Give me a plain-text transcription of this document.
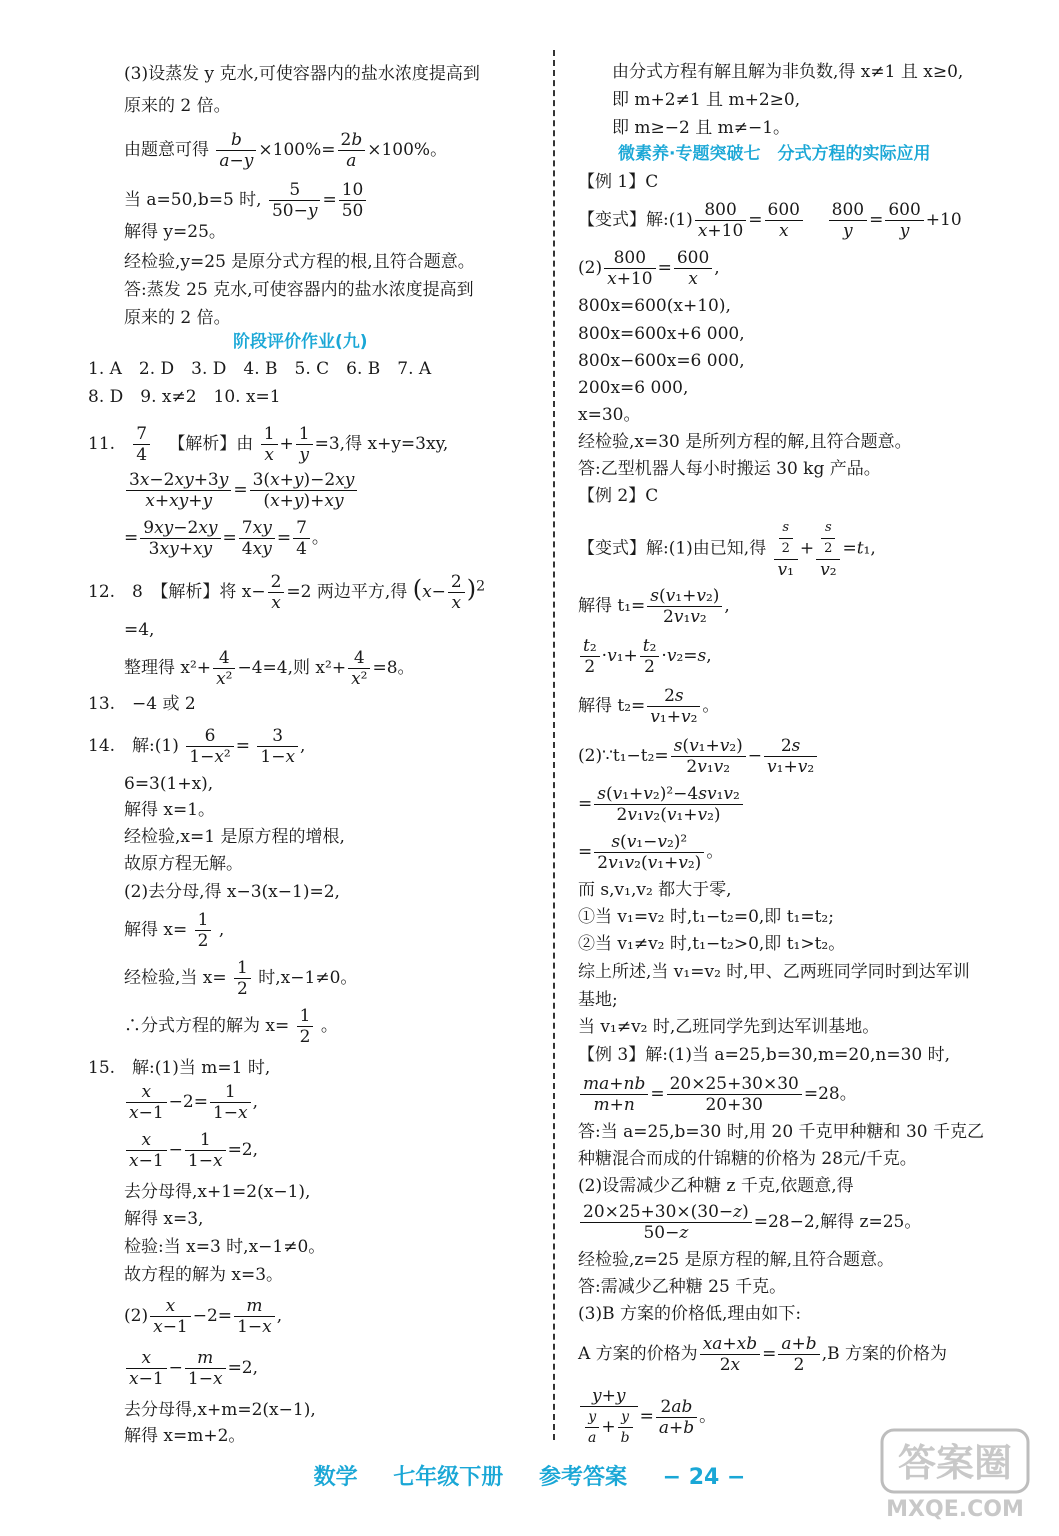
(3)设蒸发 y 克水,可使容器内的盐水浓度提高到
原来的 2 倍。
由题意可得 $\frac{b}{a-y} \times 100\%= \frac{2b}{a} \times 100\%$。
当 a=50,b=5 时, $\frac{5}{50-y} = \frac{10}{50}$
解得 y=25。
经检验,y=25 是原分式方程的根,且符合题意。
答:蒸发 25 克水,可使容器内的盐水浓度提高到
原来的 2 倍。
阶段评价作业(九)
1. A　2. D　3. D　4. B　5. C　6. B　7. A
8. D　9. x≠2　10. x=1
11. $\frac{7}{4}$ 【解析】由 $\frac{1}{x} + \frac{1}{y} =3$,得 x+y=3xy,
$\frac{3x-2xy+3y}{x+xy+y} = \frac{3(x+y)-2xy}{(x+y)+xy}$
= $\frac{9xy-2xy}{3xy+xy} = \frac{7xy}{4xy} = \frac{7}{4}$ 。
12.　8　【解析】将 $x- \frac{2}{x} =2$ 两边平方,得 $(x- \frac{2}{x} )^2$
=4,
整理得 $x^2+ \frac{4}{\text{x²}} -4=4$,则 $x^2+ \frac{4}{\text{x²}} =8$。
13.　−4 或 2
14.　解:(1) $\frac{6}{\text{1−x²}} = \frac{3}{1-x}$ ,
6=3(1+x),
解得 x=1。
经检验,x=1 是原方程的增根,
故原方程无解。
(2)去分母,得 x−3(x−1)=2,
解得 $x= \frac{1}{2}$ ,
经检验,当 $x= \frac{1}{2}$ 时,x−1≠0。
∴分式方程的解为 $x= \frac{1}{2}$ 。
15.　解:(1)当 m=1 时,
$\frac{x}{x-1} -2= \frac{1}{1-x}$ ,
$\frac{x}{x-1} - \frac{1}{1-x} =2$,
去分母得,x+1=2(x−1),
解得 x=3,
检验:当 x=3 时,x−1≠0。
故方程的解为 x=3。
$(2) \frac{x}{x-1} -2= \frac{m}{1-x}$ ,
$\frac{x}{x-1} - \frac{m}{1-x} =2$,
去分母得,x+m=2(x−1),
解得 x=m+2。
由分式方程有解且解为非负数,得 x≠1 且 x≥0,
即 m+2≠1 且 m+2≥0,
即 m≥−2 且 m≠−1。
微素养·专题突破七　分式方程的实际应用
【例 1】C
【变式】解:(1) $\frac{800}{x+10} = \frac{600}{x}$
$\frac{800}{y} = \frac{600}{y} +10$
$(2) \frac{800}{x+10} = \frac{600}{x}$ ,
800x=600(x+10),
800x=600x+6 000,
800x−600x=6 000,
200x=6 000,
x=30。
经检验,x=30 是所列方程的解,且符合题意。
答:乙型机器人每小时搬运 30 kg 产品。
【例 2】C
【变式】解:(1)由已知,得 $\frac{\frac{s}{2}}{\text{v₁}} + \frac{\frac{s}{2}}{\text{v₂}} =t_1$,
解得 $t_1= \frac{\text{s(v₁+v₂)}}{\text{2v₁v₂}}$ ,
$\frac{\text{t₂}}{2} \cdot v_1+ \frac{\text{t₂}}{2} \cdot v_2=s$,
解得 $t_2= \frac{2s}{\text{v₁+v₂}}$ 。
(2)∵t₁−t₂= $\frac{\text{s(v₁+v₂)}}{\text{2v₁v₂}} - \frac{2s}{\text{v₁+v₂}}$
= $\frac{\text{s(v₁+v₂)²−4sv₁v₂}}{\text{2v₁v₂(v₁+v₂)}}$
= $\frac{\text{s(v₁−v₂)²}}{\text{2v₁v₂(v₁+v₂)}}$ 。
而 s,v₁,v₂ 都大于零,
①当 v₁=v₂ 时,t₁−t₂=0,即 t₁=t₂;
②当 v₁≠v₂ 时,t₁−t₂>0,即 t₁>t₂。
综上所述,当 v₁=v₂ 时,甲、乙两班同学同时到达军训
基地;
当 v₁≠v₂ 时,乙班同学先到达军训基地。
【例 3】解:(1)当 a=25,b=30,m=20,n=30 时,
$\frac{ma+nb}{m+n} = \frac{20\times 25+30\times 30}{20+30} =28$。
答:当 a=25,b=30 时,用 20 千克甲种糖和 30 千克乙
种糖混合而成的什锦糖的价格为 28元/千克。
(2)设需减少乙种糖 z 千克,依题意,得
$\frac{20\times 25+30\times(30-z)}{50-z} =28-2$,解得 z=25。
经检验,z=25 是原方程的解,且符合题意。
答:需减少乙种糖 25 千克。
(3)B 方案的价格低,理由如下:
A 方案的价格为 $\frac{xa+xb}{2x} = \frac{a+b}{2} ,B$ 方案的价格为
$\frac{y+y}{\frac{y}{a} + \frac{y}{b}} = \frac{2ab}{a+b}$ 。
数学 七年级下册 参考答案 − 24 −	答案圈
MXQE.COM
